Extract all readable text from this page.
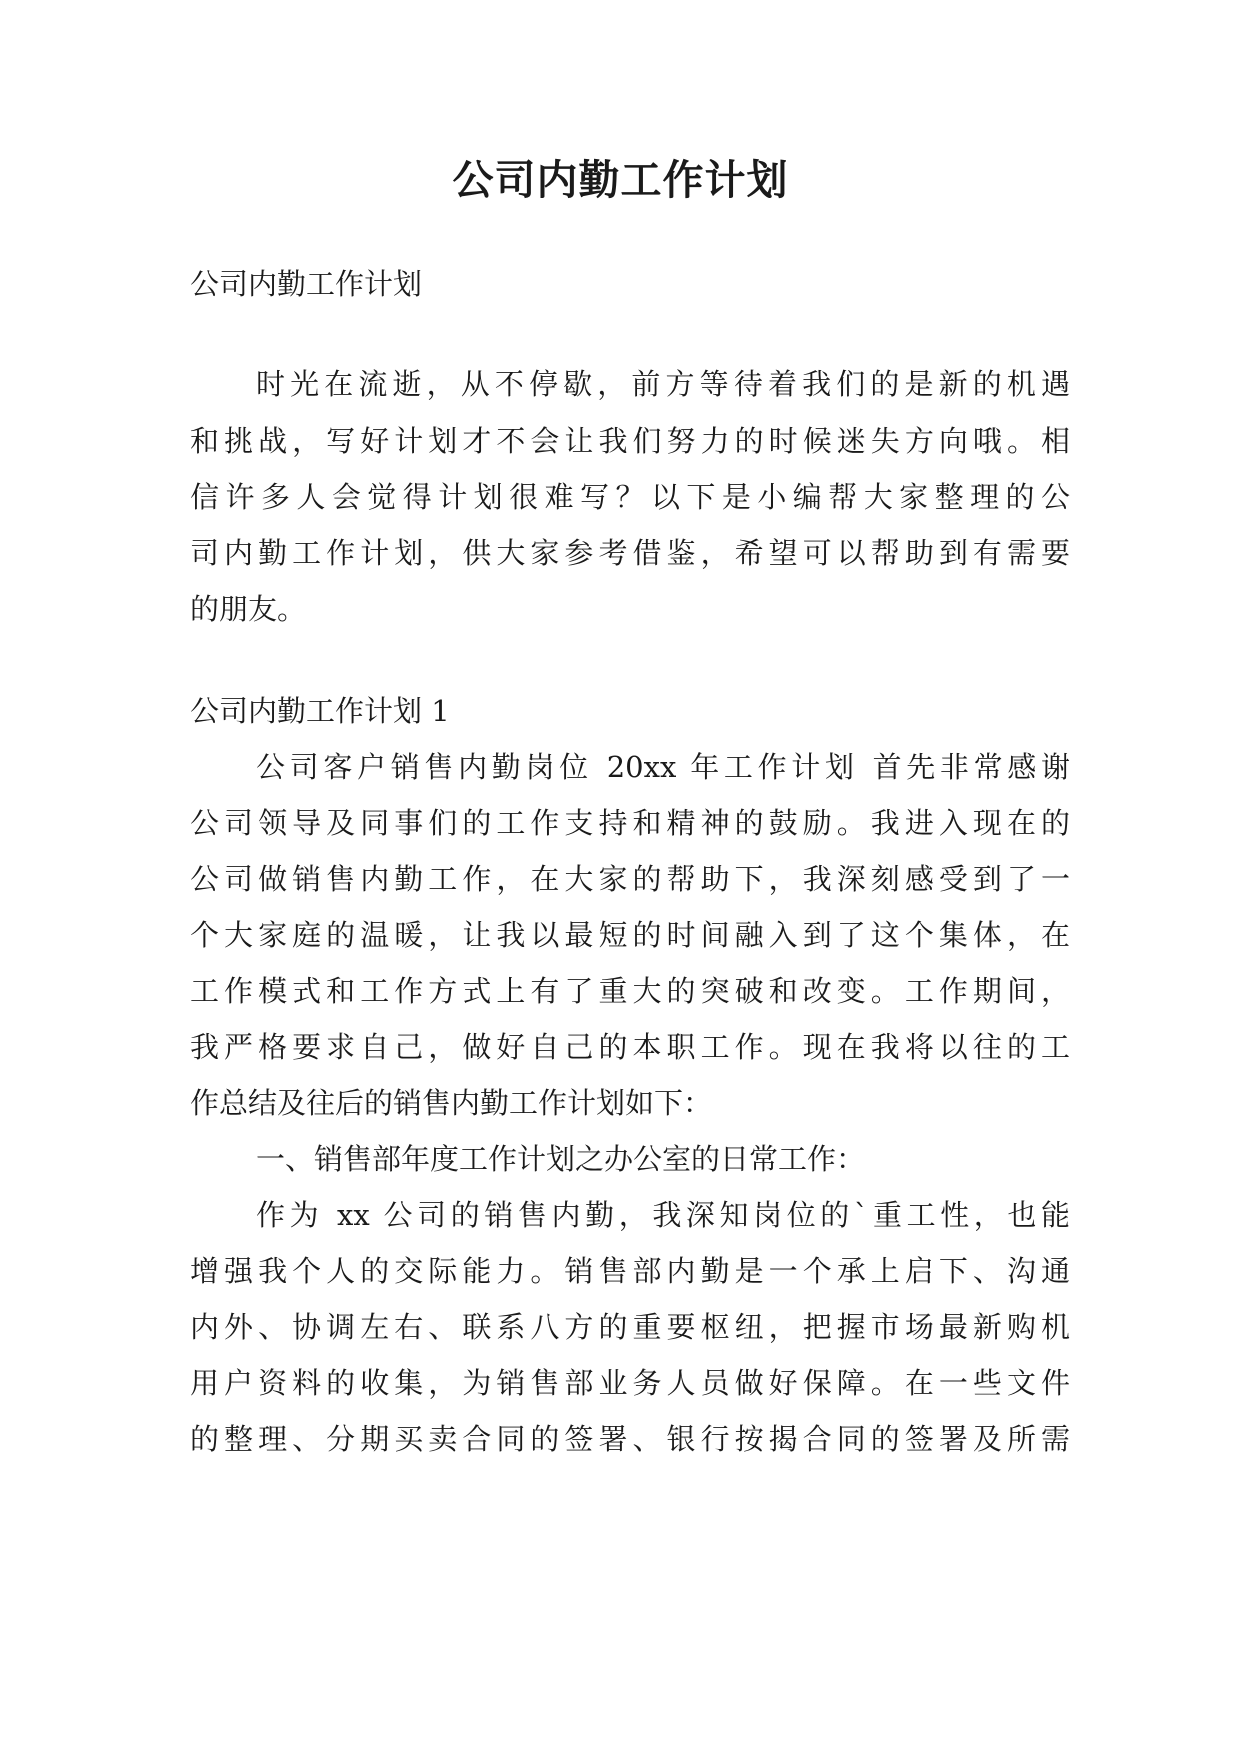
公司内勤工作计划

公司内勤工作计划

时光在流逝，从不停歇，前方等待着我们的是新的机遇

和挑战，写好计划才不会让我们努力的时候迷失方向哦。相

信许多人会觉得计划很难写？以下是小编帮大家整理的公

司内勤工作计划，供大家参考借鉴，希望可以帮助到有需要

的朋友。

公司内勤工作计划 1

公司客户销售内勤岗位 20xx 年工作计划 首先非常感谢

公司领导及同事们的工作支持和精神的鼓励。我进入现在的

公司做销售内勤工作，在大家的帮助下，我深刻感受到了一

个大家庭的温暖，让我以最短的时间融入到了这个集体，在

工作模式和工作方式上有了重大的突破和改变。工作期间，

我严格要求自己，做好自己的本职工作。现在我将以往的工

作总结及往后的销售内勤工作计划如下：

一、销售部年度工作计划之办公室的日常工作：

作为 xx 公司的销售内勤，我深知岗位的`重工性，也能

增强我个人的交际能力。销售部内勤是一个承上启下、沟通

内外、协调左右、联系八方的重要枢纽，把握市场最新购机

用户资料的收集，为销售部业务人员做好保障。在一些文件

的整理、分期买卖合同的签署、银行按揭合同的签署及所需
